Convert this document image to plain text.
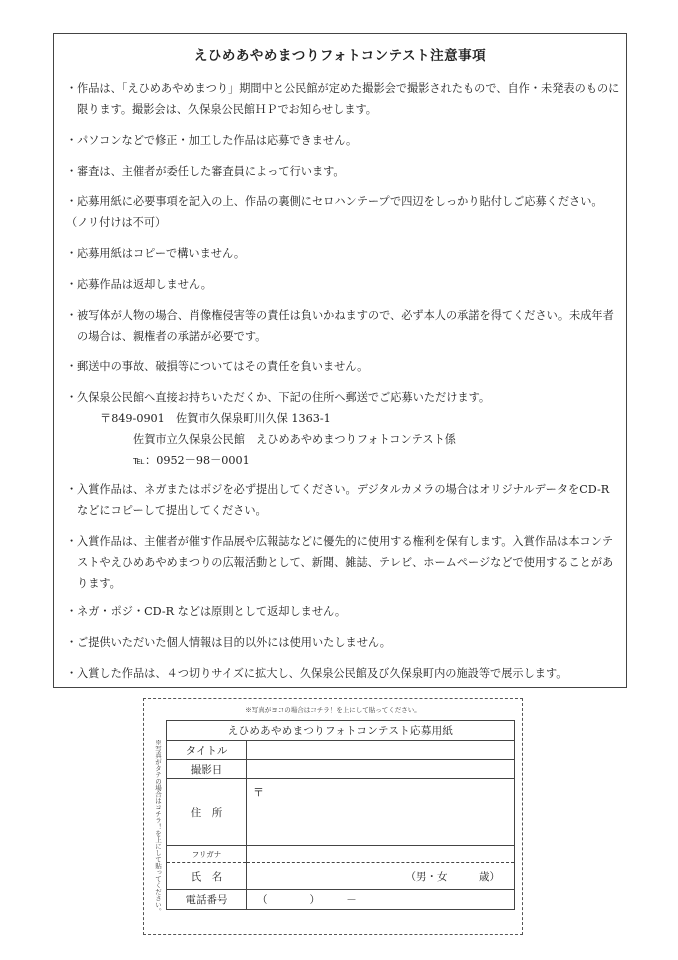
えひめあやめまつりフォトコンテスト注意事項
・ 作品は、「えひめあやめまつり」期間中と公民館が定めた撮影会で撮影されたもので、自作・未発表のものに限ります。撮影会は、久保泉公民館ＨＰでお知らせします。
・ パソコンなどで修正・加工した作品は応募できません。
・ 審査は、主催者が委任した審査員によって行います。
・ 応募用紙に必要事項を記入の上、作品の裏側にセロハンテープで四辺をしっかり貼付しご応募ください。
（ノリ付けは不可）
・ 応募用紙はコピーで構いません。
・ 応募作品は返却しません。
・ 被写体が人物の場合、肖像権侵害等の責任は負いかねますので、必ず本人の承諾を得てください。未成年者の場合は、親権者の承諾が必要です。
・ 郵送中の事故、破損等についてはその責任を負いません。
・ 久保泉公民館へ直接お持ちいただくか、下記の住所へ郵送でご応募いただけます。
〒849-0901　佐賀市久保泉町川久保 1363-1
佐賀市立久保泉公民館　えひめあやめまつりフォトコンテスト係
℡：0952－98－0001
・ 入賞作品は、ネガまたはポジを必ず提出してください。デジタルカメラの場合はオリジナルデータをCD-R などにコピーして提出してください。
・ 入賞作品は、主催者が催す作品展や広報誌などに優先的に使用する権利を保有します。入賞作品は本コンテストやえひめあやめまつりの広報活動として、新聞、雑誌、テレビ、ホームページなどで使用することがあります。
・ ネガ・ポジ・CD-R などは原則として返却しません。
・ ご提供いただいた個人情報は目的以外には使用いたしません。
・ 入賞した作品は、４つ切りサイズに拡大し、久保泉公民館及び久保泉町内の施設等で展示します。
※写真がヨコの場合はコチラ！を上にして貼ってください。
※写真がタテの場合はコチラ！を上にして貼ってください。
えひめあやめまつりフォトコンテスト応募用紙	
タイトル	
撮影日	
住　所	〒
フリガナ	
氏　名	（男・女　　　歳）

電話番号	（　　　　）　　　－
